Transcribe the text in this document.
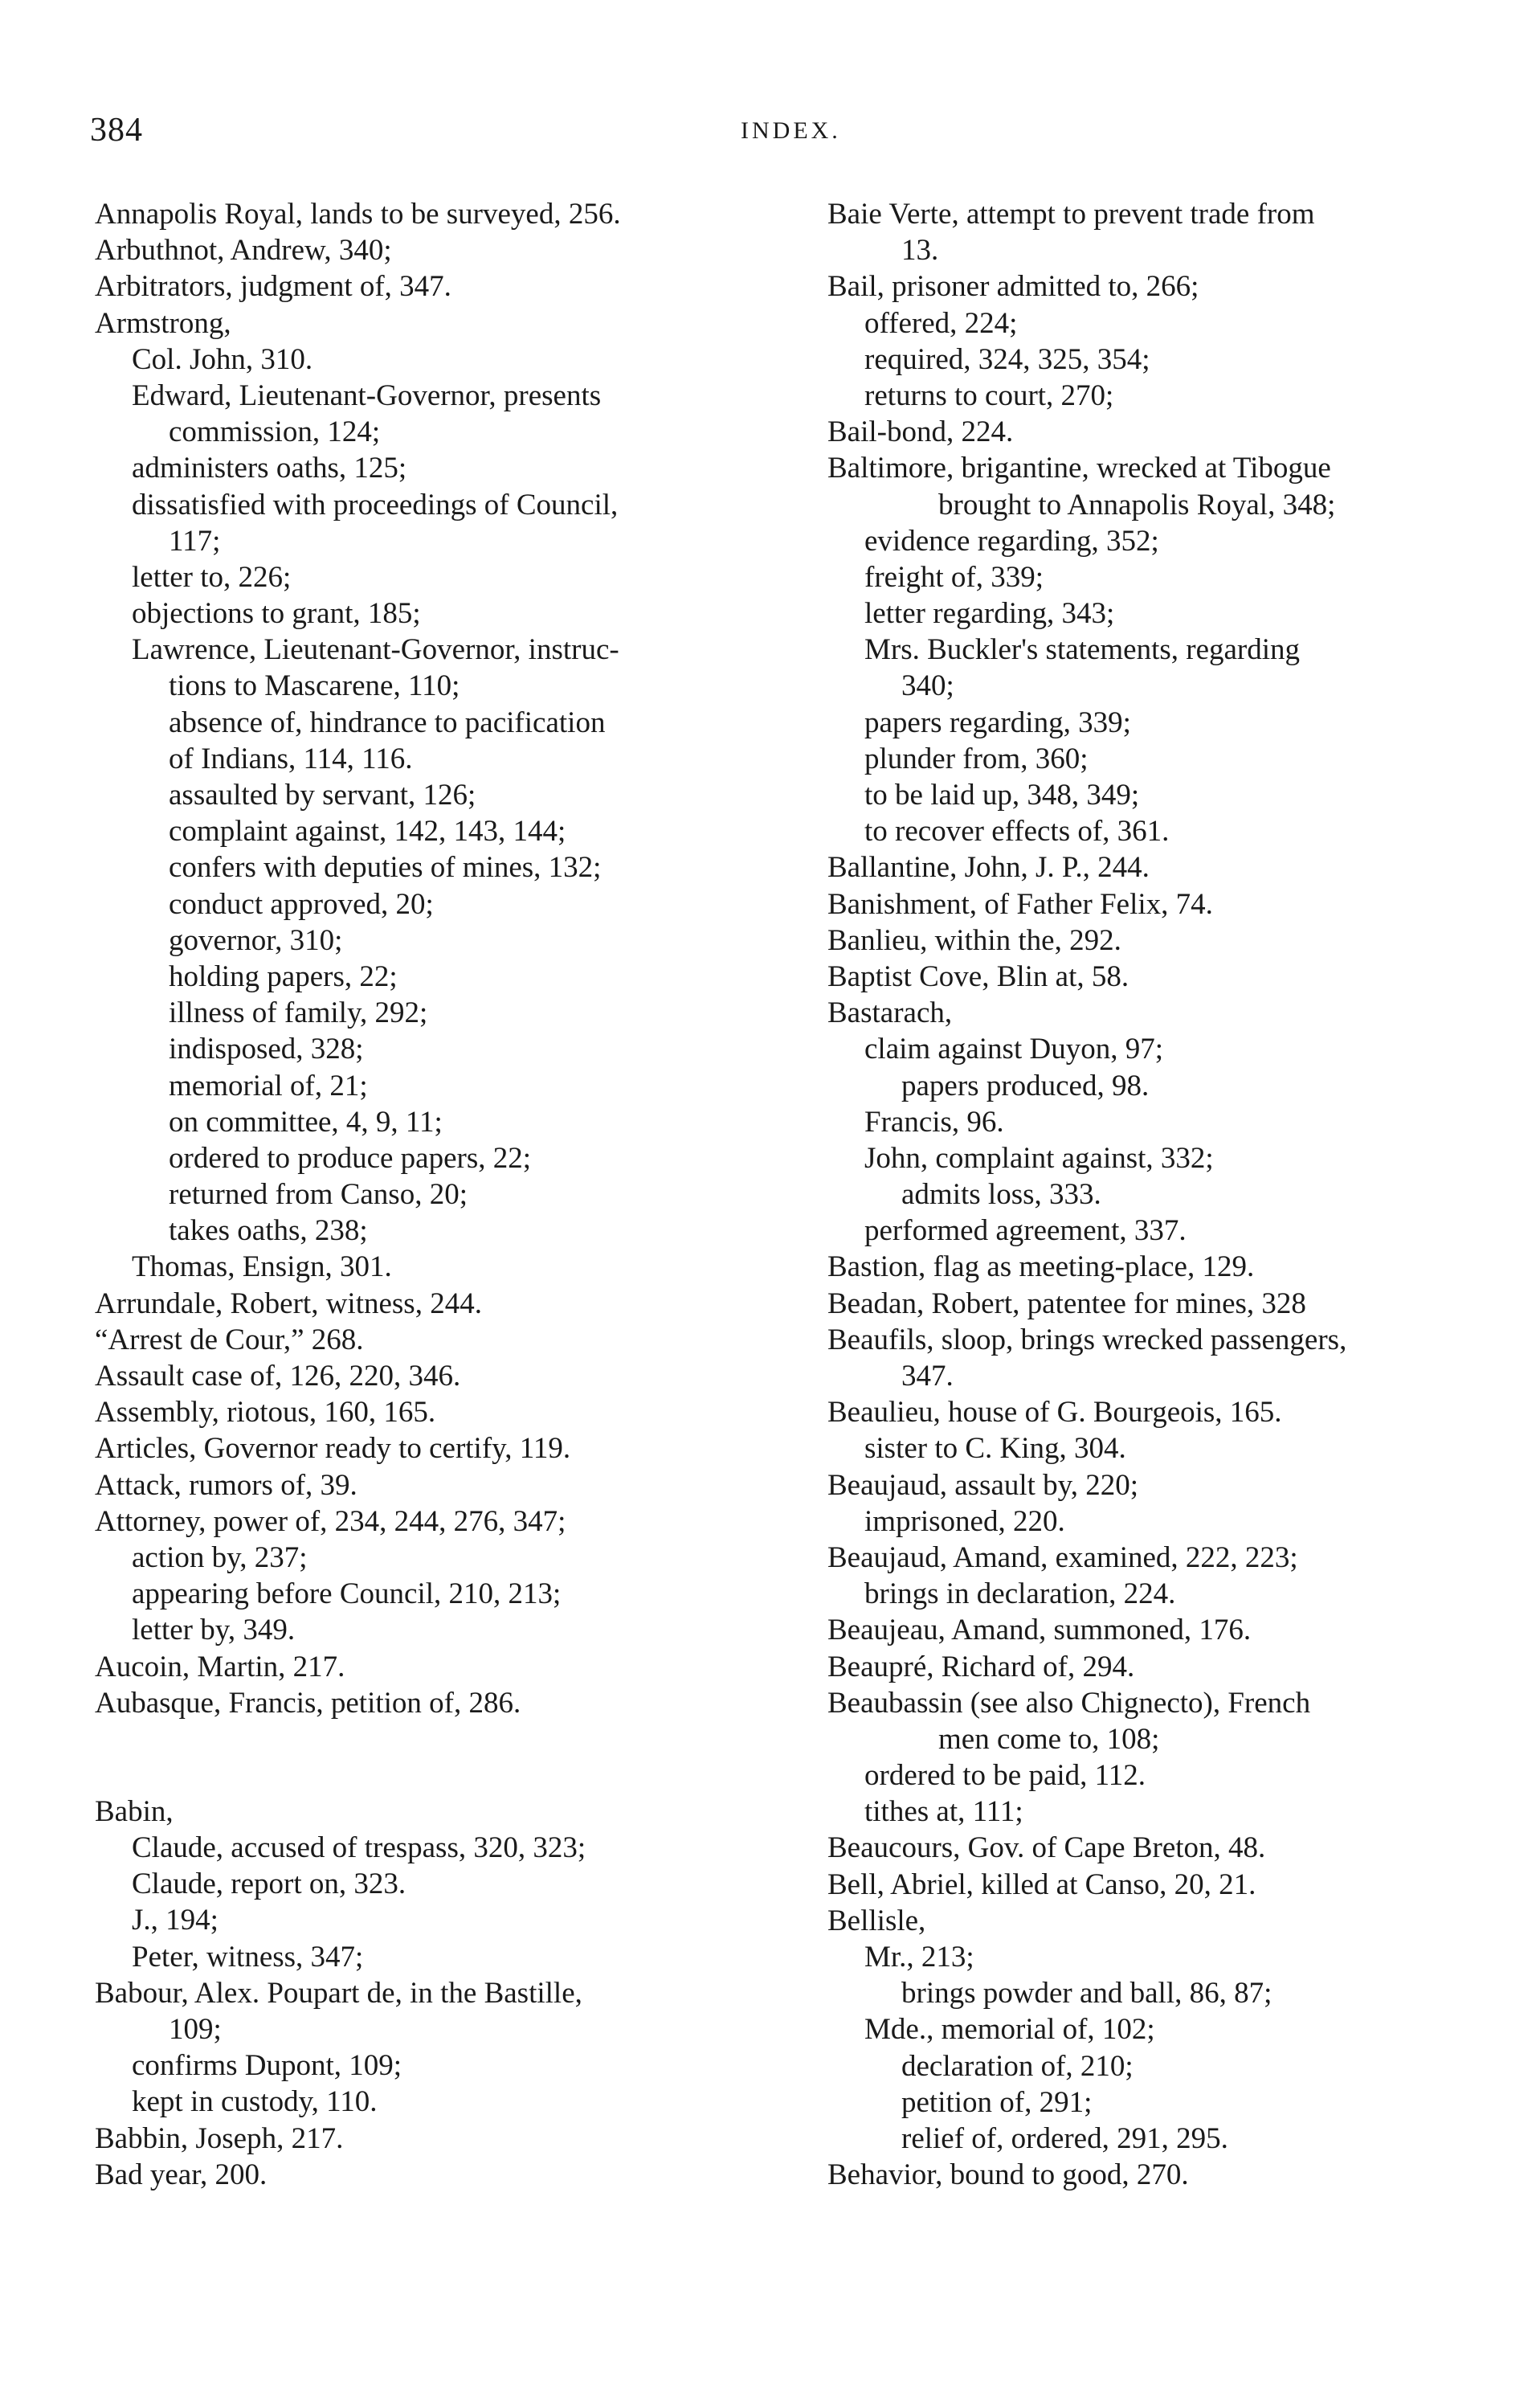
384	INDEX.
Annapolis Royal, lands to be surveyed, 256.
Arbuthnot, Andrew, 340;
Arbitrators, judgment of, 347.
Armstrong,
Col. John, 310.
Edward, Lieutenant-Governor, presents
commission, 124;
administers oaths, 125;
dissatisfied with proceedings of Council,
117;
letter to, 226;
objections to grant, 185;
Lawrence, Lieutenant-Governor, instruc-
tions to Mascarene, 110;
absence of, hindrance to pacification
of Indians, 114, 116.
assaulted by servant, 126;
complaint against, 142, 143, 144;
confers with deputies of mines, 132;
conduct approved, 20;
governor, 310;
holding papers, 22;
illness of family, 292;
indisposed, 328;
memorial of, 21;
on committee, 4, 9, 11;
ordered to produce papers, 22;
returned from Canso, 20;
takes oaths, 238;
Thomas, Ensign, 301.
Arrundale, Robert, witness, 244.
“Arrest de Cour,” 268.
Assault case of, 126, 220, 346.
Assembly, riotous, 160, 165.
Articles, Governor ready to certify, 119.
Attack, rumors of, 39.
Attorney, power of, 234, 244, 276, 347;
action by, 237;
appearing before Council, 210, 213;
letter by, 349.
Aucoin, Martin, 217.
Aubasque, Francis, petition of, 286.
Babin,
Claude, accused of trespass, 320, 323;
Claude, report on, 323.
J., 194;
Peter, witness, 347;
Babour, Alex. Poupart de, in the Bastille,
109;
confirms Dupont, 109;
kept in custody, 110.
Babbin, Joseph, 217.
Bad year, 200.
Baie Verte, attempt to prevent trade from
13.
Bail, prisoner admitted to, 266;
offered, 224;
required, 324, 325, 354;
returns to court, 270;
Bail-bond, 224.
Baltimore, brigantine, wrecked at Tibogue
brought to Annapolis Royal, 348;
evidence regarding, 352;
freight of, 339;
letter regarding, 343;
Mrs. Buckler's statements, regarding
340;
papers regarding, 339;
plunder from, 360;
to be laid up, 348, 349;
to recover effects of, 361.
Ballantine, John, J. P., 244.
Banishment, of Father Felix, 74.
Banlieu, within the, 292.
Baptist Cove, Blin at, 58.
Bastarach,
claim against Duyon, 97;
papers produced, 98.
Francis, 96.
John, complaint against, 332;
admits loss, 333.
performed agreement, 337.
Bastion, flag as meeting-place, 129.
Beadan, Robert, patentee for mines, 328
Beaufils, sloop, brings wrecked passengers,
347.
Beaulieu, house of G. Bourgeois, 165.
sister to C. King, 304.
Beaujaud, assault by, 220;
imprisoned, 220.
Beaujaud, Amand, examined, 222, 223;
brings in declaration, 224.
Beaujeau, Amand, summoned, 176.
Beaupré, Richard of, 294.
Beaubassin (see also Chignecto), French
men come to, 108;
ordered to be paid, 112.
tithes at, 111;
Beaucours, Gov. of Cape Breton, 48.
Bell, Abriel, killed at Canso, 20, 21.
Bellisle,
Mr., 213;
brings powder and ball, 86, 87;
Mde., memorial of, 102;
declaration of, 210;
petition of, 291;
relief of, ordered, 291, 295.
Behavior, bound to good, 270.
